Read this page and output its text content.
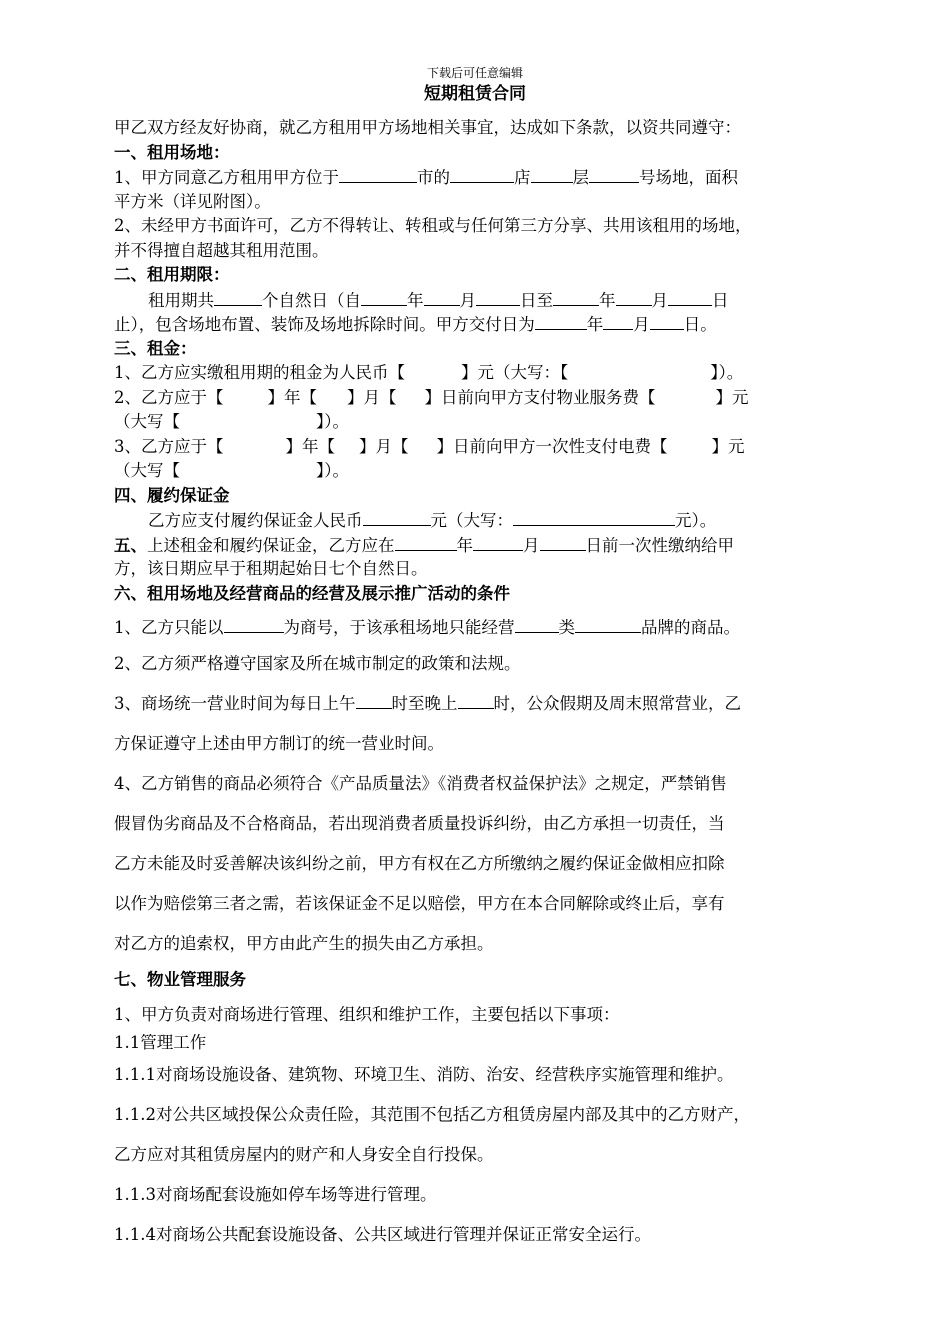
下载后可任意编辑
短期租赁合同
甲乙双方经友好协商，就乙方租用甲方场地相关事宜，达成如下条款，以资共同遵守：
一、租用场地：
1、甲方同意乙方租用甲方位于	市的	店	层	号场地，面积
平方米（详见附图）。
2、未经甲方书面许可，乙方不得转让、转租或与任何第三方分享、共用该租用的场地，
并不得擅自超越其租用范围。
二、租用期限：
租用期共	个自然日（自	年 月	日至	年 月	日
止），包含场地布置、装饰及场地拆除时间。甲方交付日为	年 月 日。
三、租金：
1、乙方应实缴租用期的租金为人民币【	】元（大写：【	】）。
2、乙方应于【	】年【 】月【 】日前向甲方支付物业服务费【	】元
（大写【	】）。
3、乙方应于【	】年【 】月【 】日前向甲方一次性支付电费【	】元
（大写【	】）。
四、履约保证金
乙方应支付履约保证金人民币	元（大写：	元）。
五、上述租金和履约保证金，乙方应在	年	月	日前一次性缴纳给甲
方，该日期应早于租期起始日七个自然日。
六、租用场地及经营商品的经营及展示推广活动的条件
1、乙方只能以	为商号，于该承租场地只能经营	类	品牌的商品。
2、乙方须严格遵守国家及所在城市制定的政策和法规。
3、商场统一营业时间为每日上午 时至晚上 时，公众假期及周末照常营业，乙
方保证遵守上述由甲方制订的统一营业时间。
4、乙方销售的商品必须符合《产品质量法》《消费者权益保护法》之规定，严禁销售
假冒伪劣商品及不合格商品，若出现消费者质量投诉纠纷，由乙方承担一切责任，当
乙方未能及时妥善解决该纠纷之前，甲方有权在乙方所缴纳之履约保证金做相应扣除
以作为赔偿第三者之需，若该保证金不足以赔偿，甲方在本合同解除或终止后，享有
对乙方的追索权，甲方由此产生的损失由乙方承担。
七、物业管理服务
1、甲方负责对商场进行管理、组织和维护工作，主要包括以下事项：
1.1管理工作
1.1.1对商场设施设备、建筑物、环境卫生、消防、治安、经营秩序实施管理和维护。
1.1.2对公共区域投保公众责任险，其范围不包括乙方租赁房屋内部及其中的乙方财产，
乙方应对其租赁房屋内的财产和人身安全自行投保。
1.1.3对商场配套设施如停车场等进行管理。
1.1.4对商场公共配套设施设备、公共区域进行管理并保证正常安全运行。
